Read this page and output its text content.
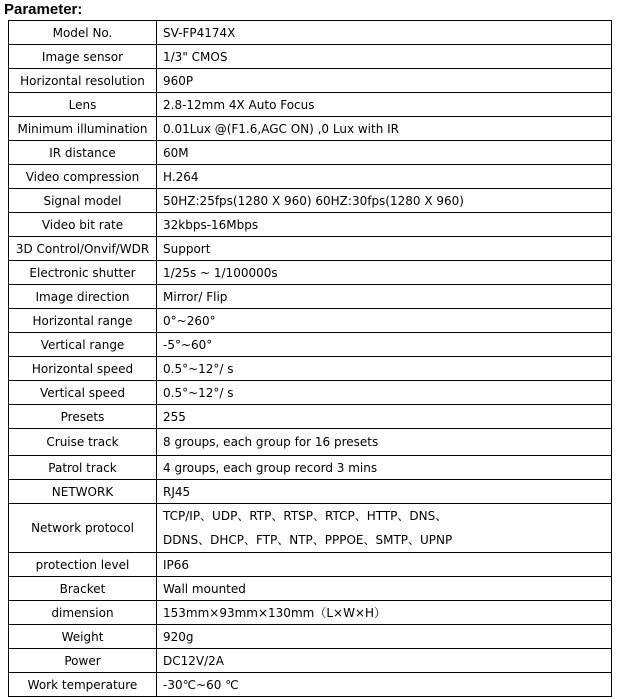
Parameter:
Model No.	SV-FP4174X
Image sensor	1/3" CMOS
Horizontal resolution	960P
Lens	2.8-12mm 4X Auto Focus
Minimum illumination	0.01Lux @(F1.6,AGC ON) ,0 Lux with IR
IR distance	60M
Video compression	H.264
Signal model	50HZ:25fps(1280 X 960) 60HZ:30fps(1280 X 960)
Video bit rate	32kbps-16Mbps
3D Control/Onvif/WDR	Support
Electronic shutter	1/25s ~ 1/100000s
Image direction	Mirror/ Flip
Horizontal range	0°~260°
Vertical range	-5°~60°
Horizontal speed	0.5°~12°/ s
Vertical speed	0.5°~12°/ s
Presets	255
Cruise track	8 groups, each group for 16 presets
Patrol track	4 groups, each group record 3 mins
NETWORK	RJ45
Network protocol	TCP/IP、UDP、RTP、RTSP、RTCP、HTTP、DNS、
DDNS、DHCP、FTP、NTP、PPPOE、SMTP、UPNP

protection level	IP66
Bracket	Wall mounted
dimension	153mm×93mm×130mm（L×W×H）
Weight	920g
Power	DC12V/2A
Work temperature	-30℃~60 ℃
